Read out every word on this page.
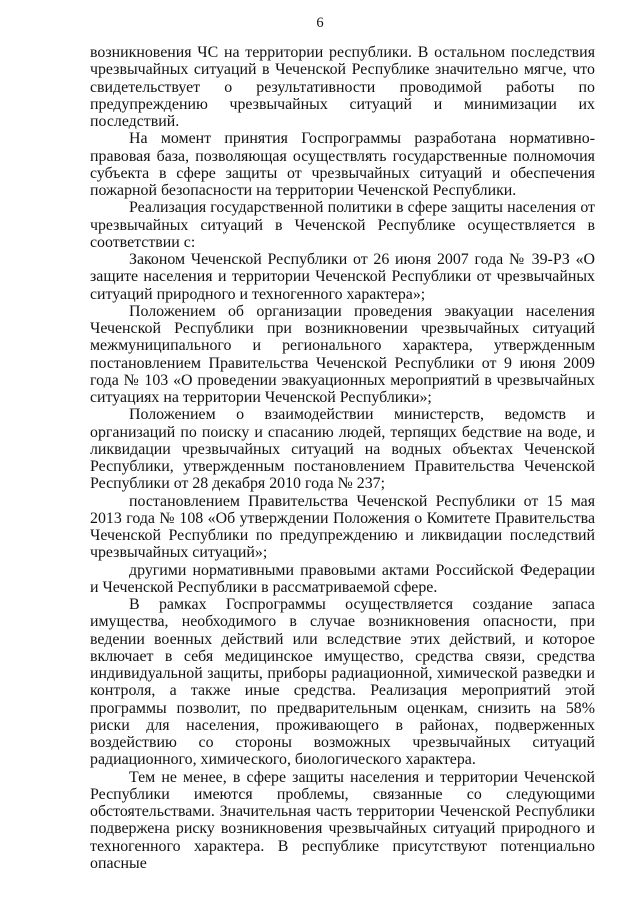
6

возникновения ЧС на территории республики. В остальном последствия чрезвычайных ситуаций в Чеченской Республике значительно мягче, что свидетельствует о результативности проводимой работы по предупреждению чрезвычайных ситуаций и минимизации их последствий.

На момент принятия Госпрограммы разработана нормативно-правовая база, позволяющая осуществлять государственные полномочия субъекта в сфере защиты от чрезвычайных ситуаций и обеспечения пожарной безопасности на территории Чеченской Республики.

Реализация государственной политики в сфере защиты населения от чрезвычайных ситуаций в Чеченской Республике осуществляется в соответствии с:

Законом Чеченской Республики от 26 июня 2007 года № 39-РЗ «О защите населения и территории Чеченской Республики от чрезвычайных ситуаций природного и техногенного характера»;

Положением об организации проведения эвакуации населения Чеченской Республики при возникновении чрезвычайных ситуаций межмуниципального и регионального характера, утвержденным постановлением Правительства Чеченской Республики от 9 июня 2009 года № 103 «О проведении эвакуационных мероприятий в чрезвычайных ситуациях на территории Чеченской Республики»;

Положением о взаимодействии министерств, ведомств и организаций по поиску и спасанию людей, терпящих бедствие на воде, и ликвидации чрезвычайных ситуаций на водных объектах Чеченской Республики, утвержденным постановлением Правительства Чеченской Республики от 28 декабря 2010 года № 237;

постановлением Правительства Чеченской Республики от 15 мая 2013 года № 108 «Об утверждении Положения о Комитете Правительства Чеченской Республики по предупреждению и ликвидации последствий чрезвычайных ситуаций»;

другими нормативными правовыми актами Российской Федерации и Чеченской Республики в рассматриваемой сфере.

В рамках Госпрограммы осуществляется создание запаса имущества, необходимого в случае возникновения опасности, при ведении военных действий или вследствие этих действий, и которое включает в себя медицинское имущество, средства связи, средства индивидуальной защиты, приборы радиационной, химической разведки и контроля, а также иные средства. Реализация мероприятий этой программы позволит, по предварительным оценкам, снизить на 58% риски для населения, проживающего в районах, подверженных воздействию со стороны возможных чрезвычайных ситуаций радиационного, химического, биологического характера.

Тем не менее, в сфере защиты населения и территории Чеченской Республики имеются проблемы, связанные со следующими обстоятельствами. Значительная часть территории Чеченской Республики подвержена риску возникновения чрезвычайных ситуаций природного и техногенного характера. В республике присутствуют потенциально опасные
